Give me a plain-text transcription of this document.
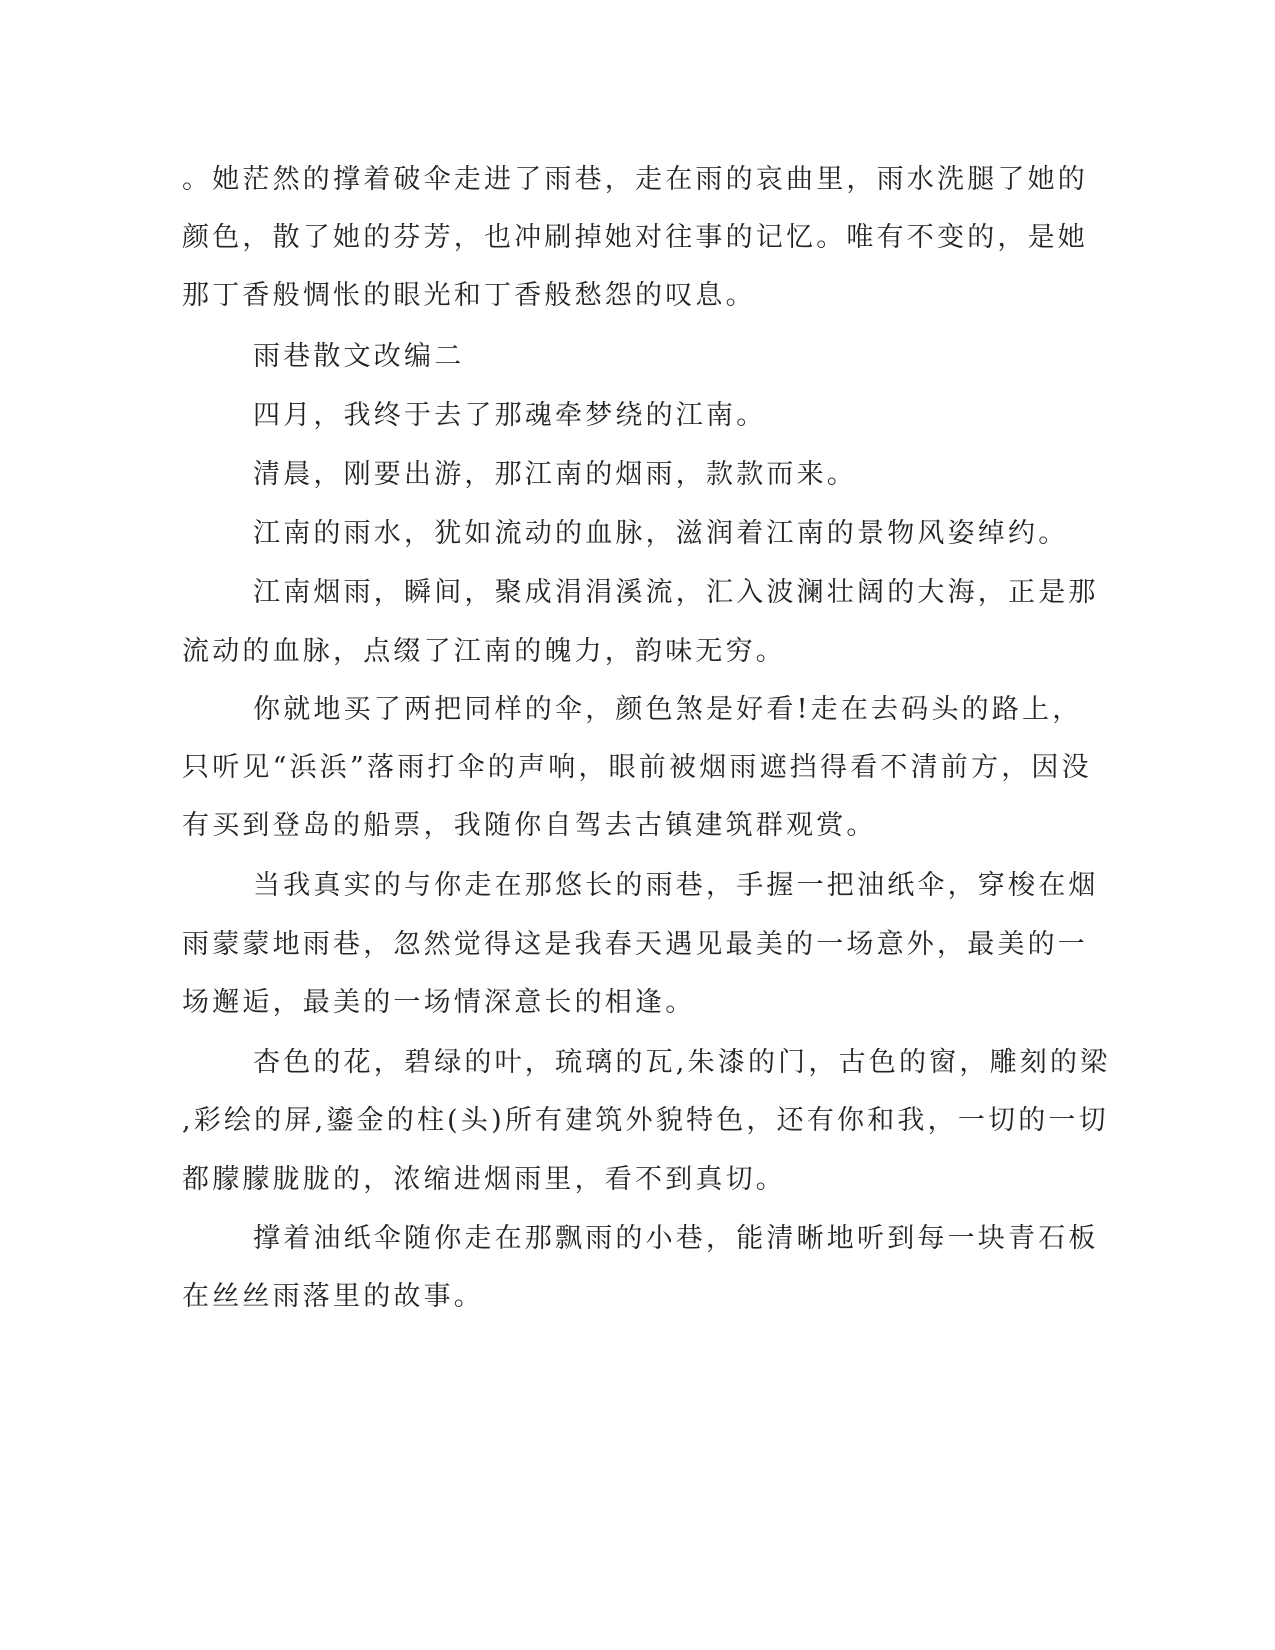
。她茫然的撑着破伞走进了雨巷，走在雨的哀曲里，雨水洗腿了她的
颜色，散了她的芬芳，也冲刷掉她对往事的记忆。唯有不变的，是她
那丁香般惆怅的眼光和丁香般愁怨的叹息。
雨巷散文改编二
四月，我终于去了那魂牵梦绕的江南。
清晨，刚要出游，那江南的烟雨，款款而来。
江南的雨水，犹如流动的血脉，滋润着江南的景物风姿绰约。
江南烟雨，瞬间，聚成涓涓溪流，汇入波澜壮阔的大海，正是那
流动的血脉，点缀了江南的魄力，韵味无穷。
你就地买了两把同样的伞，颜色煞是好看!走在去码头的路上，
只听见“浜浜”落雨打伞的声响，眼前被烟雨遮挡得看不清前方，因没
有买到登岛的船票，我随你自驾去古镇建筑群观赏。
当我真实的与你走在那悠长的雨巷，手握一把油纸伞，穿梭在烟
雨蒙蒙地雨巷，忽然觉得这是我春天遇见最美的一场意外，最美的一
场邂逅，最美的一场情深意长的相逢。
杏色的花，碧绿的叶，琉璃的瓦,朱漆的门，古色的窗，雕刻的梁
,彩绘的屏,鎏金的柱(头)所有建筑外貌特色，还有你和我，一切的一切
都朦朦胧胧的，浓缩进烟雨里，看不到真切。
撑着油纸伞随你走在那飘雨的小巷，能清晰地听到每一块青石板
在丝丝雨落里的故事。
